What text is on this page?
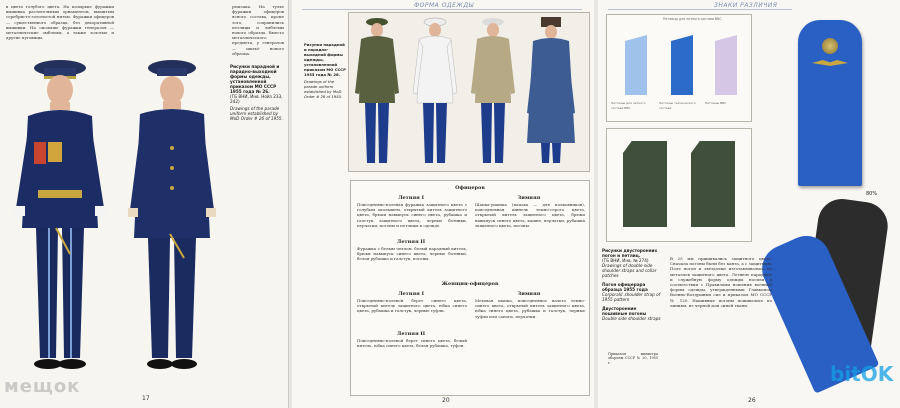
в цвета голубого цвета. На козырьке фуражки вышивка растительным орнаментом, вышитым серебристо-золотистой нитью. Фуражки офицеров — существенного образца, без декоративной вышивки. На околыше фуражки генералов — металлические эмблемы, а также золотые и другие пуговицы.
рюкзака. На тулье фуражки офицеров ясного состава, кроме того, сохранились петлицы и эмблемы нового образца. Вместо металлического предмета, у генералов — шитьё нового образца.
Рисунки парадной и парадно-выходной формы одежды, установленной приказом МО СССР 1955 года № 26.
(ГБ ВНИ, Инв. Нойз 233, 242)
Drawings of the parade uniform established by MoD Order # 26 of 1955.
мещок
17
ФОРМА ОДЕЖДЫ
Рисунки парадной и парадно-выходной формы одежды, установленной приказом МО СССР 1955 года № 26.
Drawings of the parade uniform established by MoD Order # 26 of 1955.
Офицеров
Летняя I
Повседневно-полевая фуражка защитного цвета с голубым околышем, открытый китель защитного цвета, брюки навыпуск синего цвета, рубашка и галстук защитного цвета, черные ботинки, перчатки, погоны и петлицы к одежде.
Летняя II
Фуражка с белым чехлом, белый парадный китель, брюки навыпуск синего цвета, черные ботинки, белая рубашка и галстук, погоны.
Зимняя
Шапка-ушанка (папаха — для полковников), повседневная шинель темно-серого цвета, открытый китель защитного цвета, брюки навыпуск синего цвета, кашне, перчатки, рубашка защитного цвета, погоны.
Женщин-офицеров
Летняя I
Повседневно-полевой берет синего цвета, открытый китель защитного цвета, юбка синего цвета, рубашка и галстук, черные туфли.
Летняя II
Повседневно-полевой берет синего цвета, белый китель, юбка синего цвета, белая рубашка, туфли.
Зимняя
Меховая шапка, повседневное пальто темно-синего цвета, открытый китель защитного цвета, юбка синего цвета, рубашка и галстук, черные туфли или сапоги, перчатки.
20
ЗНАКИ РАЗЛИЧИЯ
Петлицы для летного состава ВВС
Петлицы для летного состава ВВС
Петлицы технического состава
Петлицы ВВС
80%
Рисунки двусторонних погон и петлиц.
(ГБ ВНИ, Инв. № 274)
Drawings of double side shoulder straps and collar patches
Погон офицерара образца 1955 года
Corporals' shoulder strap of 1955 pattern
Двусторонние пошивные погоны
Double side shoulder straps
Приказом министра обороны СССР № 20, 1955 г.
В 25 мм пришивались защитного цвета. Сначала погоны были без канта, а с защитным. Поле погон и звёздочки изготавливались из металлов защитного цвета. Летнюю парадную и служебную форму одежды носили в соответствии с Правилами ношения военной формы одежды, утвержденными Главкомом Военно-Воздушных сил и приказом МО СССР № 120. Нашивные погоны пошивались по линиям, из черной или синей ткани.
bitOK
26
